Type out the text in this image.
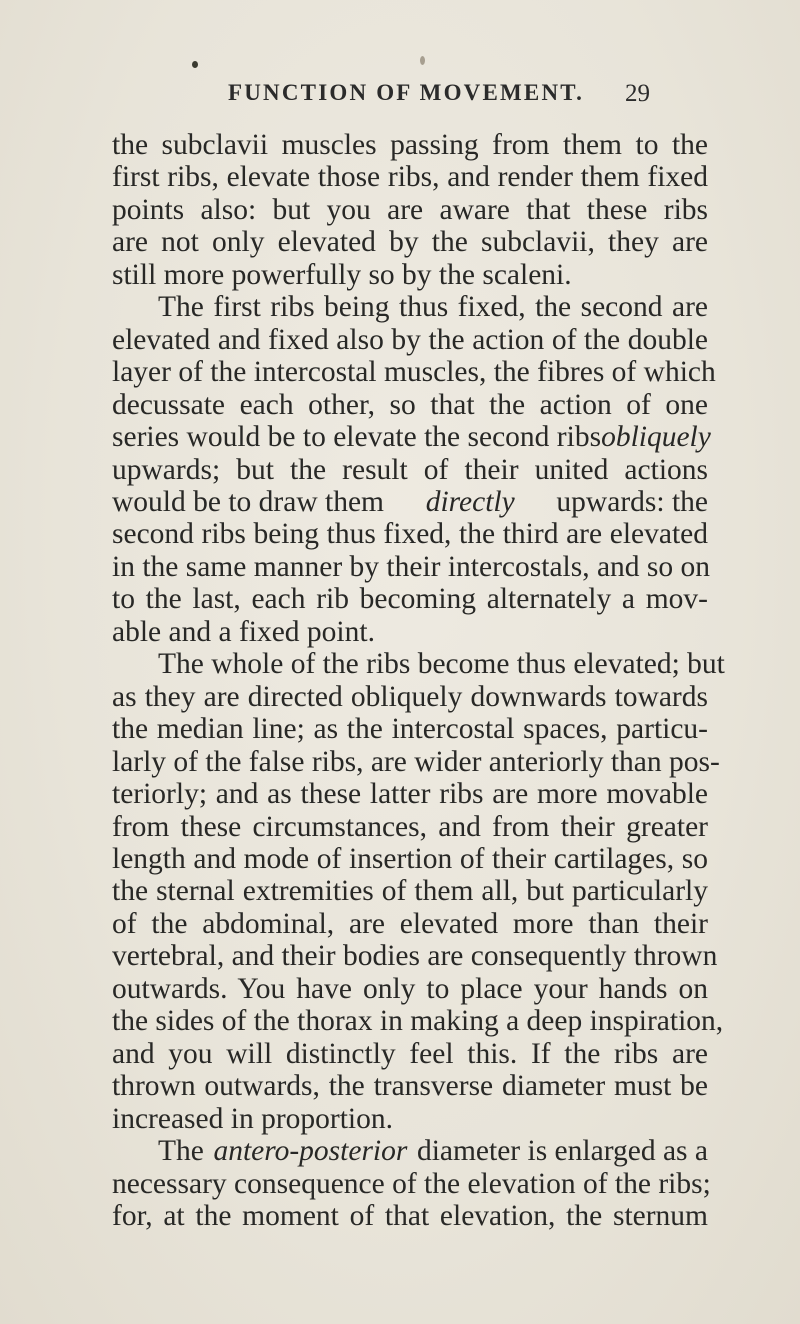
FUNCTION OF MOVEMENT. 29

the subclavii muscles passing from them to the
first ribs, elevate those ribs, and render them fixed
points also: but you are aware that these ribs
are not only elevated by the subclavii, they are
still more powerfully so by the scaleni.

The first ribs being thus fixed, the second are
elevated and fixed also by the action of the double
layer of the intercostal muscles, the fibres of which
decussate each other, so that the action of one
series would be to elevate the second ribs obliquely
upwards; but the result of their united actions
would be to draw them directly upwards: the
second ribs being thus fixed, the third are elevated
in the same manner by their intercostals, and so on
to the last, each rib becoming alternately a mov-
able and a fixed point.

The whole of the ribs become thus elevated; but
as they are directed obliquely downwards towards
the median line; as the intercostal spaces, particu-
larly of the false ribs, are wider anteriorly than pos-
teriorly; and as these latter ribs are more movable
from these circumstances, and from their greater
length and mode of insertion of their cartilages, so
the sternal extremities of them all, but particularly
of the abdominal, are elevated more than their
vertebral, and their bodies are consequently thrown
outwards. You have only to place your hands on
the sides of the thorax in making a deep inspiration,
and you will distinctly feel this. If the ribs are
thrown outwards, the transverse diameter must be
increased in proportion.

The antero-posterior diameter is enlarged as a
necessary consequence of the elevation of the ribs;
for, at the moment of that elevation, the sternum
